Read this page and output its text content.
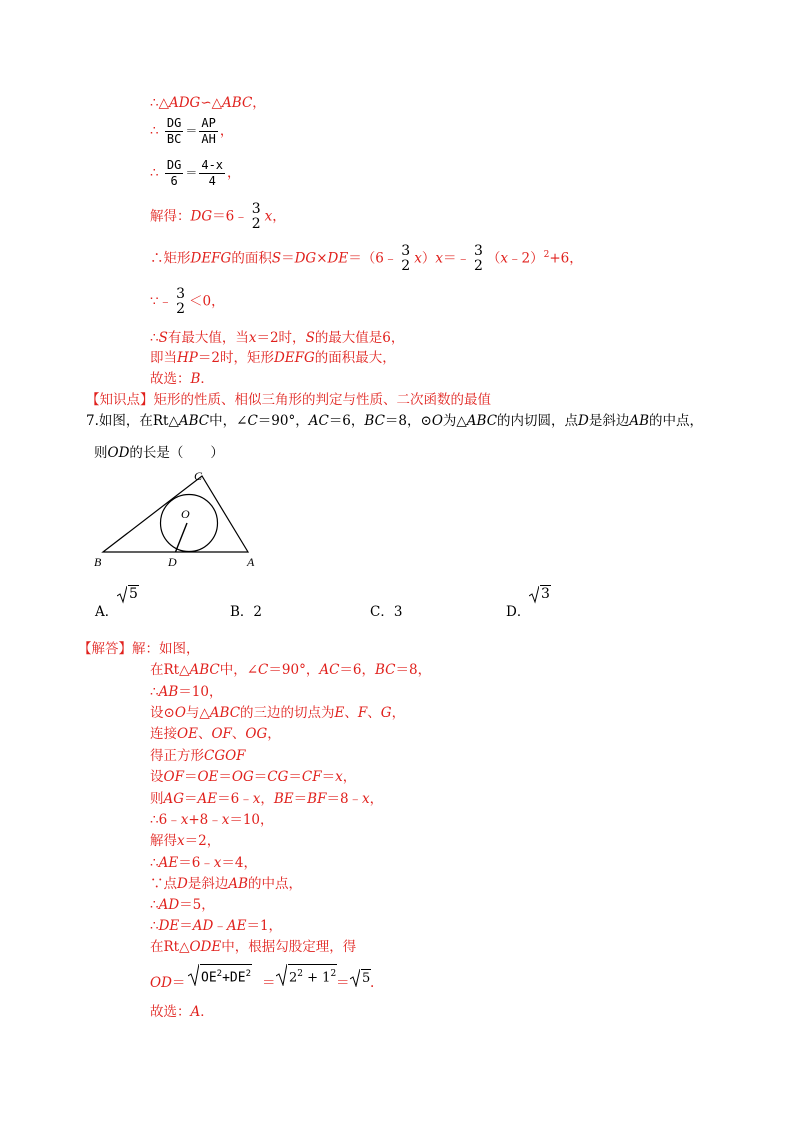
∴△ADG∽△ABC，
∴ $\frac{DG}{BC} = \frac{AP}{AH}$ ，
∴ $\frac{DG}{6} = \frac{4-x}{4}$ ，
解得：DG＝6﹣ 3
2 x，
∴矩形DEFG的面积S＝DG×DE＝（6﹣ 3
2 x）x＝﹣ 3
2 （x﹣2）$^2$+6，
∵﹣ 3
2 ＜0，
∴S有最大值，当x＝2时，S的最大值是6，
即当HP＝2时，矩形DEFG的面积最大，
故选：B．
【知识点】矩形的性质、相似三角形的判定与性质、二次函数的最值
7.如图，在Rt△ABC中，∠C＝90°，AC＝6，BC＝8，⊙O为△ABC的内切圆，点D是斜边AB的中点，
则OD的长是（　　）
C
O
B	D	A
A．
5
B．2	C．3	D．
3
【解答】解：如图，
在Rt△ABC中，∠C＝90°，AC＝6，BC＝8，
∴AB＝10，
设⊙O与△ABC的三边的切点为E、F、G，
连接OE、OF、OG，
得正方形CGOF
设OF＝OE＝OG＝CG＝CF＝x，
则AG＝AE＝6﹣x，BE＝BF＝8﹣x，
∴6﹣x+8﹣x＝10，
解得x＝2，
∴AE＝6﹣x＝4，
∵点D是斜边AB的中点，
∴AD＝5，
∴DE＝AD﹣AE＝1，
在Rt△ODE中，根据勾股定理，得
$OD= OE^2+DE^2$
＝ $2^2 + 1^2$
＝ 5 .
故选：A．
